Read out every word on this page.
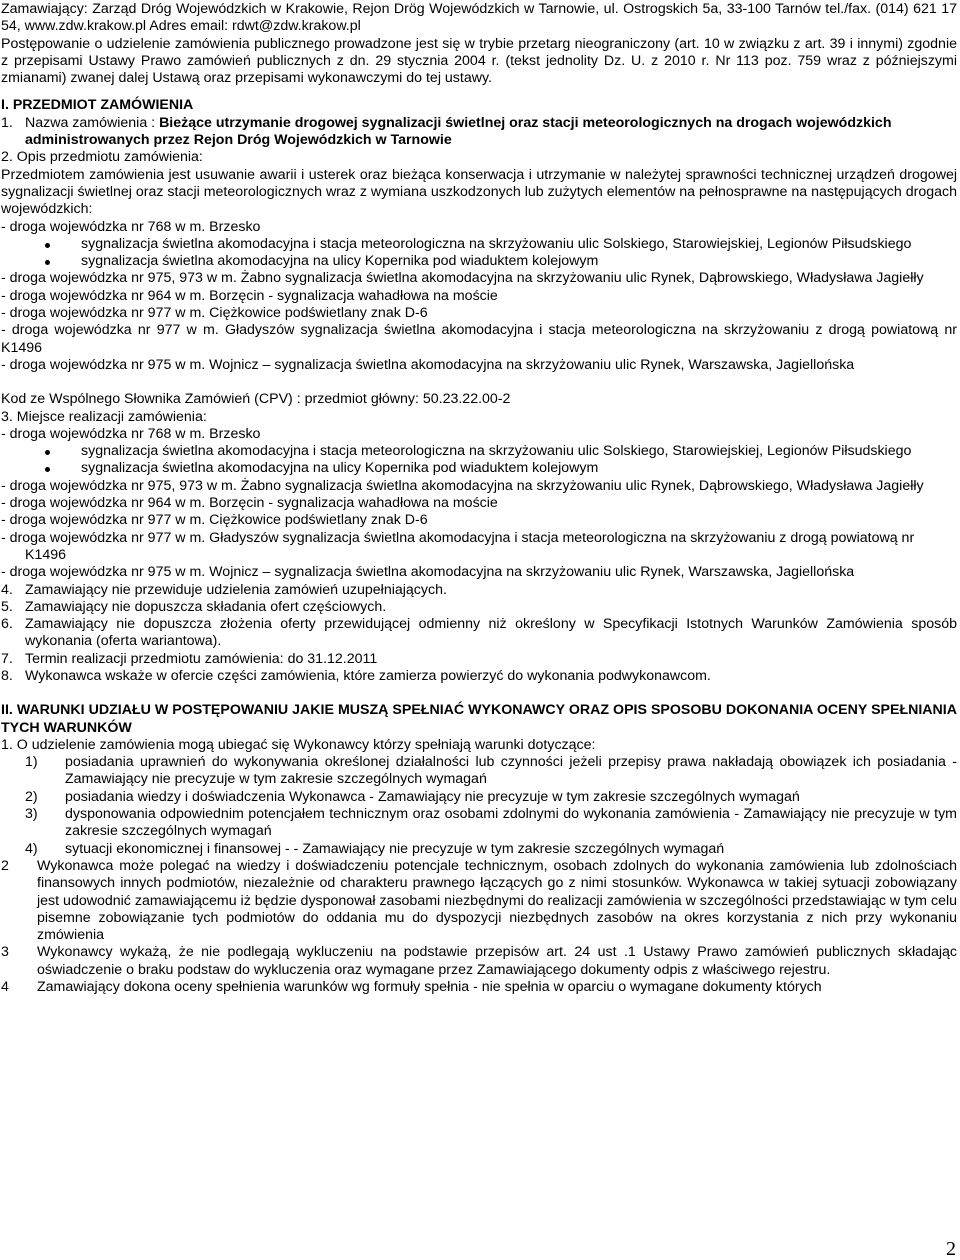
Zamawiający: Zarząd Dróg Wojewódzkich w Krakowie, Rejon Drög Wojewódzkich w Tarnowie, ul. Ostrogskich 5a, 33-100 Tarnów tel./fax. (014) 621 17 54, www.zdw.krakow.pl Adres email: rdwt@zdw.krakow.pl

Postępowanie o udzielenie zamówienia publicznego prowadzone jest się w trybie przetarg nieograniczony (art. 10 w związku z art. 39 i innymi) zgodnie z przepisami Ustawy Prawo zamówień publicznych z dn. 29 stycznia 2004 r. (tekst jednolity Dz. U. z 2010 r. Nr 113 poz. 759 wraz z późniejszymi zmianami) zwanej dalej Ustawą oraz przepisami wykonawczymi do tej ustawy.

I. PRZEDMIOT ZAMÓWIENIA

1. Nazwa zamówienia : Bieżące utrzymanie drogowej sygnalizacji świetlnej oraz stacji meteorologicznych na drogach wojewódzkich administrowanych przez Rejon Dróg Wojewódzkich w Tarnowie

2. Opis przedmiotu zamówienia:

Przedmiotem zamówienia jest usuwanie awarii i usterek oraz bieżąca konserwacja i utrzymanie w należytej sprawności technicznej urządzeń drogowej sygnalizacji świetlnej oraz stacji meteorologicznych wraz z wymiana uszkodzonych lub zużytych elementów na pełnosprawne na następujących drogach wojewódzkich:

- droga wojewódzka nr 768 w m. Brzesko

sygnalizacja świetlna akomodacyjna i stacja meteorologiczna na skrzyżowaniu ulic Solskiego, Starowiejskiej, Legionów Piłsudskiego

sygnalizacja świetlna akomodacyjna na ulicy Kopernika pod wiaduktem kolejowym

- droga wojewódzka nr 975, 973 w m. Żabno sygnalizacja świetlna akomodacyjna na skrzyżowaniu ulic Rynek, Dąbrowskiego, Władysława Jagiełły

- droga wojewódzka nr 964 w m. Borzęcin - sygnalizacja wahadłowa na moście

- droga wojewódzka nr 977 w m. Ciężkowice podświetlany znak D-6

- droga wojewódzka nr 977 w m. Gładyszów sygnalizacja świetlna akomodacyjna i stacja meteorologiczna na skrzyżowaniu z drogą powiatową nr K1496

- droga wojewódzka nr 975 w m. Wojnicz – sygnalizacja świetlna akomodacyjna na skrzyżowaniu ulic Rynek, Warszawska, Jagiellońska

Kod ze Wspólnego Słownika Zamówień (CPV) : przedmiot główny: 50.23.22.00-2

3. Miejsce realizacji zamówienia:

- droga wojewódzka nr 768 w m. Brzesko

sygnalizacja świetlna akomodacyjna i stacja meteorologiczna na skrzyżowaniu ulic Solskiego, Starowiejskiej, Legionów Piłsudskiego

sygnalizacja świetlna akomodacyjna na ulicy Kopernika pod wiaduktem kolejowym

- droga wojewódzka nr 975, 973 w m. Żabno sygnalizacja świetlna akomodacyjna na skrzyżowaniu ulic Rynek, Dąbrowskiego, Władysława Jagiełły

- droga wojewódzka nr 964 w m. Borzęcin - sygnalizacja wahadłowa na moście

- droga wojewódzka nr 977 w m. Ciężkowice podświetlany znak D-6

- droga wojewódzka nr 977 w m. Gładyszów sygnalizacja świetlna akomodacyjna i stacja meteorologiczna na skrzyżowaniu z drogą powiatową nr K1496

- droga wojewódzka nr 975 w m. Wojnicz – sygnalizacja świetlna akomodacyjna na skrzyżowaniu ulic Rynek, Warszawska, Jagiellońska

4. Zamawiający nie przewiduje udzielenia zamówień uzupełniających.
5. Zamawiający nie dopuszcza składania ofert częściowych.
6. Zamawiający nie dopuszcza złożenia oferty przewidującej odmienny niż określony w Specyfikacji Istotnych Warunków Zamówienia sposób wykonania (oferta wariantowa).
7. Termin realizacji przedmiotu zamówienia: do 31.12.2011
8. Wykonawca wskaże w ofercie części zamówienia, które zamierza powierzyć do wykonania podwykonawcom.

II. WARUNKI UDZIAŁU W POSTĘPOWANIU JAKIE MUSZĄ SPEŁNIAĆ WYKONAWCY ORAZ OPIS SPOSOBU DOKONANIA OCENY SPEŁNIANIA TYCH WARUNKÓW

1. O udzielenie zamówienia mogą ubiegać się Wykonawcy którzy spełniają warunki dotyczące:

1)	posiadania uprawnień do wykonywania określonej działalności lub czynności jeżeli przepisy prawa nakładają obowiązek ich posiadania - Zamawiający nie precyzuje w tym zakresie szczególnych wymagań
2)	posiadania wiedzy i doświadczenia Wykonawca - Zamawiający nie precyzuje w tym zakresie szczególnych wymagań
3)	dysponowania odpowiednim potencjałem technicznym oraz osobami zdolnymi do wykonania zamówienia - Zamawiający nie precyzuje w tym zakresie szczególnych wymagań
4)	sytuacji ekonomicznej i finansowej - - Zamawiający nie precyzuje w tym zakresie szczególnych wymagań
2	Wykonawca może polegać na wiedzy i doświadczeniu potencjale technicznym, osobach zdolnych do wykonania zamówienia lub zdolnościach finansowych innych podmiotów, niezależnie od charakteru prawnego łączących go z nimi stosunków. Wykonawca w takiej sytuacji zobowiązany jest udowodnić zamawiającemu iż będzie dysponował zasobami niezbędnymi do realizacji zamówienia w szczególności przedstawiając w tym celu pisemne zobowiązanie tych podmiotów do oddania mu do dyspozycji niezbędnych zasobów na okres korzystania z nich przy wykonaniu zmówienia
3	Wykonawcy wykażą, że nie podlegają wykluczeniu na podstawie przepisów art. 24 ust .1 Ustawy Prawo zamówień publicznych składając oświadczenie o braku podstaw do wykluczenia oraz wymagane przez Zamawiającego dokumenty odpis z właściwego rejestru.
4	Zamawiający dokona oceny spełnienia warunków wg formuły spełnia - nie spełnia w oparciu o wymagane dokumenty których
2
